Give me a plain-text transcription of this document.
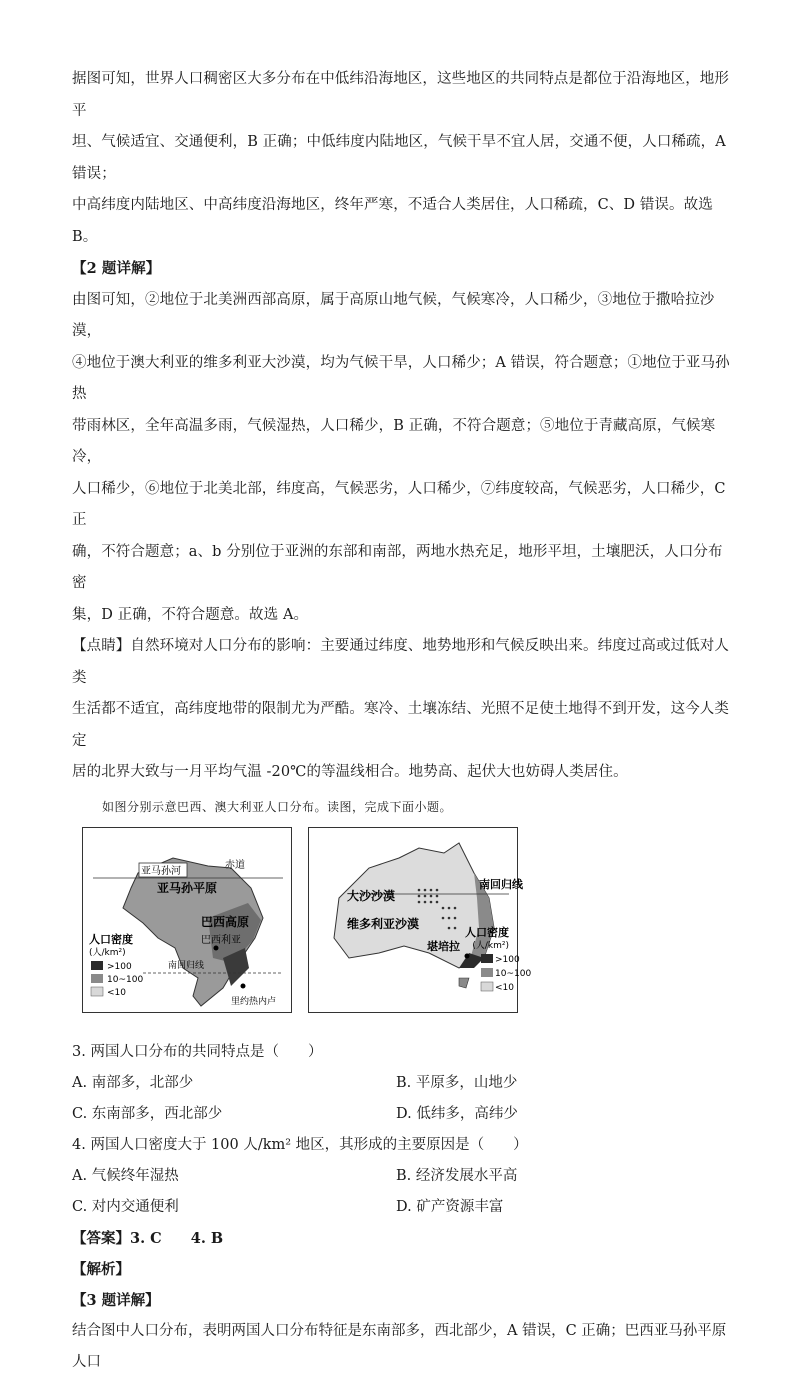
据图可知，世界人口稠密区大多分布在中低纬沿海地区，这些地区的共同特点是都位于沿海地区，地形平

坦、气候适宜、交通便利，B 正确；中低纬度内陆地区，气候干旱不宜人居，交通不便，人口稀疏，A 错误；

中高纬度内陆地区、中高纬度沿海地区，终年严寒，不适合人类居住，人口稀疏，C、D 错误。故选 B。

【2 题详解】

由图可知，②地位于北美洲西部高原，属于高原山地气候，气候寒冷，人口稀少，③地位于撒哈拉沙漠，

④地位于澳大利亚的维多利亚大沙漠，均为气候干旱，人口稀少；A 错误，符合题意；①地位于亚马孙热

带雨林区，全年高温多雨，气候湿热，人口稀少，B 正确，不符合题意；⑤地位于青藏高原，气候寒冷，

人口稀少，⑥地位于北美北部，纬度高，气候恶劣，人口稀少，⑦纬度较高，气候恶劣，人口稀少，C 正

确，不符合题意；a、b 分别位于亚洲的东部和南部，两地水热充足，地形平坦，土壤肥沃，人口分布密

集，D 正确，不符合题意。故选 A。

【点睛】自然环境对人口分布的影响：主要通过纬度、地势地形和气候反映出来。纬度过高或过低对人类

生活都不适宜，高纬度地带的限制尤为严酷。寒冷、土壤冻结、光照不足使土地得不到开发，这今人类定

居的北界大致与一月平均气温 -20℃的等温线相合。地势高、起伏大也妨碍人类居住。

如图分别示意巴西、澳大利亚人口分布。读图，完成下面小题。

亚马孙河
赤道
亚马孙平原
巴西高原
巴西利亚
南回归线
里约热内卢
人口密度
(人/km²)
>100
10~100
<10
大沙沙漠
维多利亚沙漠
南回归线
堪培拉
人口密度
(人/km²)
>100
10~100
<10

3. 两国人口分布的共同特点是（　　）

A. 南部多，北部少	B. 平原多，山地少
C. 东南部多，西北部少	D. 低纬多，高纬少

4. 两国人口密度大于 100 人/km² 地区，其形成的主要原因是（　　）

A. 气候终年湿热	B. 经济发展水平高
C. 对内交通便利	D. 矿产资源丰富

【答案】3. C　　4. B

【解析】

【3 题详解】

结合图中人口分布，表明两国人口分布特征是东南部多，西北部少，A 错误，C 正确；巴西亚马孙平原人口
